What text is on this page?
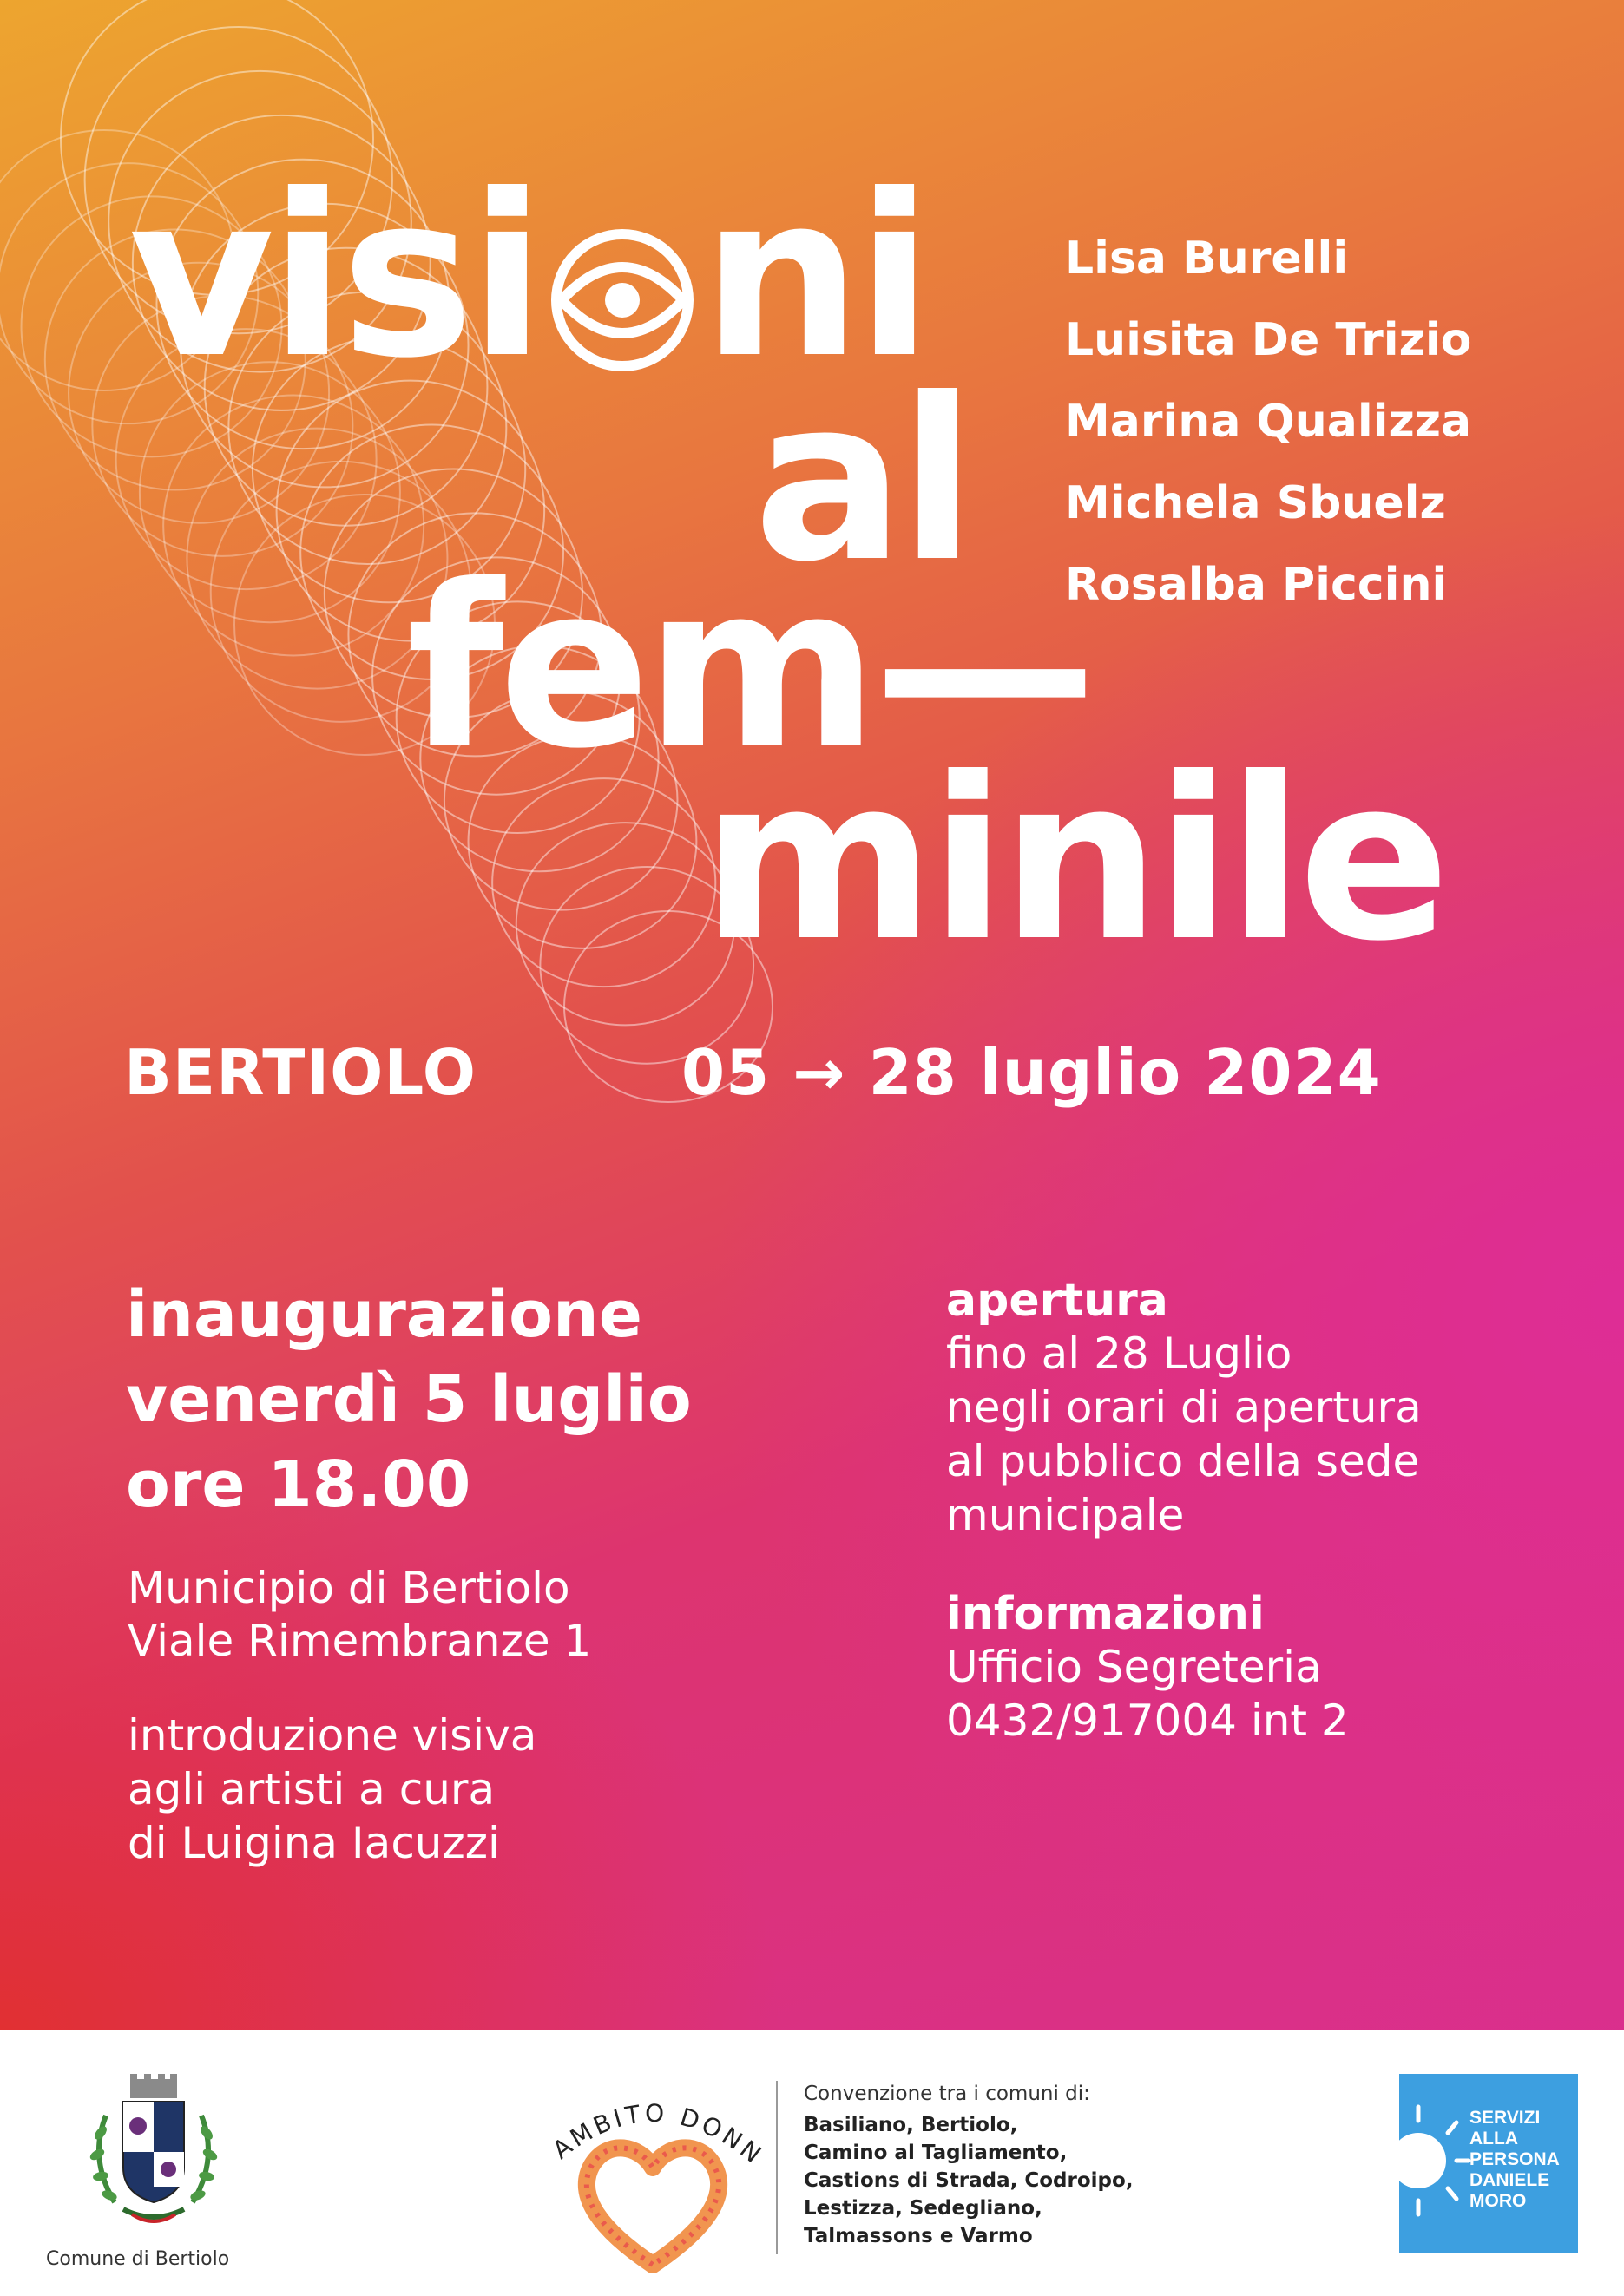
visi ni
al
fem—
minile
Lisa Burelli
Luisita De Trizio
Marina Qualizza
Michela Sbuelz
Rosalba Piccini
BERTIOLO	05 → 28 luglio 2024
inaugurazione
venerdì 5 luglio
ore 18.00
Municipio di Bertiolo
Viale Rimembranze 1
introduzione visiva
agli artisti a cura
di Luigina Iacuzzi
apertura
fino al 28 Luglio
negli orari di apertura
al pubblico della sede
municipale
informazioni
Ufficio Segreteria
0432/917004 int 2
Comune di Bertiolo
AMBITO DONN
Convenzione tra i comuni di:
Basiliano, Bertiolo,
Camino al Tagliamento,
Castions di Strada, Codroipo,
Lestizza, Sedegliano,
Talmassons e Varmo
SERVIZI
ALLA
PERSONA
DANIELE
MORO
